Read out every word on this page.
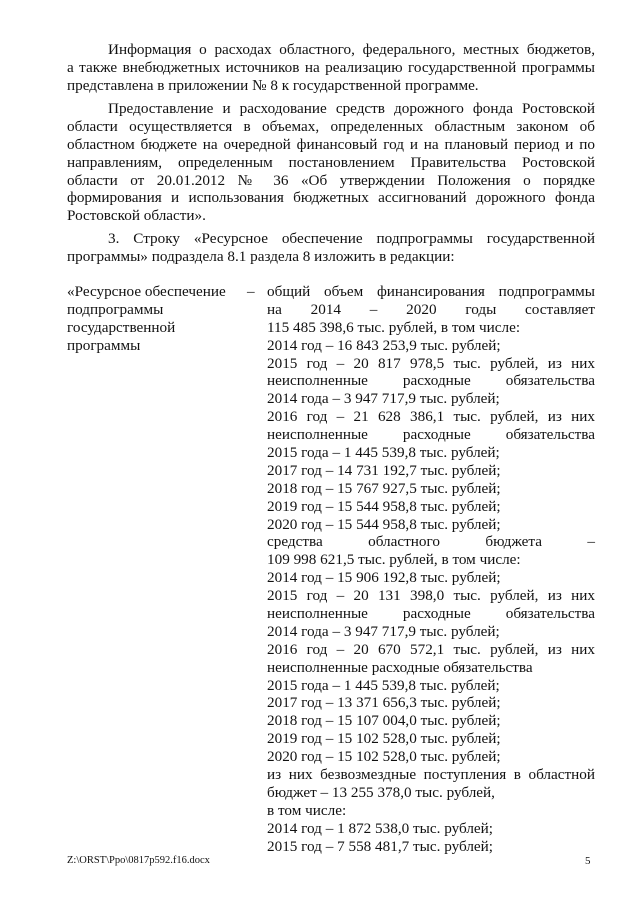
Информация о расходах областного, федерального, местных бюджетов,
а также внебюджетных источников на реализацию государственной программы
представлена в приложении № 8 к государственной программе.
Предоставление и расходование средств дорожного фонда Ростовской
области осуществляется в объемах, определенных областным законом об
областном бюджете на очередной финансовый год и на плановый период и по
направлениям, определенным постановлением Правительства Ростовской
области от 20.01.2012 № 36 «Об утверждении Положения о порядке
формирования и использования бюджетных ассигнований дорожного фонда
Ростовской области».
3. Строку «Ресурсное обеспечение подпрограммы государственной
программы» подраздела 8.1 раздела 8 изложить в редакции:
«Ресурсное обеспечение
подпрограммы
государственной
программы
– общий объем финансирования подпрограммы
на 2014 – 2020 годы составляет
115 485 398,6 тыс. рублей, в том числе:
2014 год – 16 843 253,9 тыс. рублей;
2015 год – 20 817 978,5 тыс. рублей, из них
неисполненные расходные обязательства
2014 года – 3 947 717,9 тыс. рублей;
2016 год – 21 628 386,1 тыс. рублей, из них
неисполненные расходные обязательства
2015 года – 1 445 539,8 тыс. рублей;
2017 год – 14 731 192,7 тыс. рублей;
2018 год – 15 767 927,5 тыс. рублей;
2019 год – 15 544 958,8 тыс. рублей;
2020 год – 15 544 958,8 тыс. рублей;
средства областного бюджета –
109 998 621,5 тыс. рублей, в том числе:
2014 год – 15 906 192,8 тыс. рублей;
2015 год – 20 131 398,0 тыс. рублей, из них
неисполненные расходные обязательства
2014 года – 3 947 717,9 тыс. рублей;
2016 год – 20 670 572,1 тыс. рублей, из них
неисполненные расходные обязательства
2015 года – 1 445 539,8 тыс. рублей;
2017 год – 13 371 656,3 тыс. рублей;
2018 год – 15 107 004,0 тыс. рублей;
2019 год – 15 102 528,0 тыс. рублей;
2020 год – 15 102 528,0 тыс. рублей;
из них безвозмездные поступления в областной
бюджет – 13 255 378,0 тыс. рублей,
в том числе:
2014 год – 1 872 538,0 тыс. рублей;
2015 год – 7 558 481,7 тыс. рублей;
Z:\ORST\Ppo\0817p592.f16.docx	5
